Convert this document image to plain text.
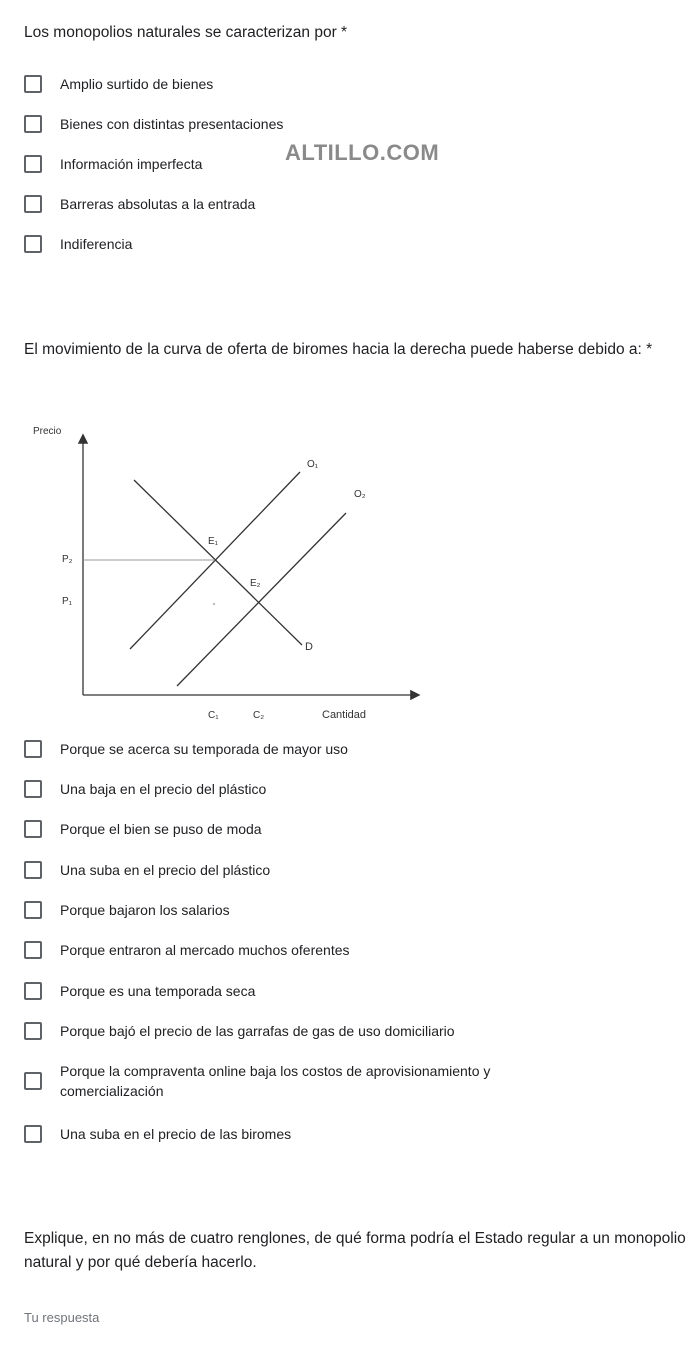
Los monopolios naturales se caracterizan por *
Amplio surtido de bienes
Bienes con distintas presentaciones
Información imperfecta
Barreras absolutas a la entrada
Indiferencia
ALTILLO.COM
El movimiento de la curva de oferta de biromes hacia la derecha puede haberse debido a: *
Precio
Cantidad
O₁
O₂
D
E₁
E₂
P₂
P₁
C₁	C₂
Porque se acerca su temporada de mayor uso
Una baja en el precio del plástico
Porque el bien se puso de moda
Una suba en el precio del plástico
Porque bajaron los salarios
Porque entraron al mercado muchos oferentes
Porque es una temporada seca
Porque bajó el precio de las garrafas de gas de uso domiciliario
Porque la compraventa online baja los costos de aprovisionamiento y comercialización
Una suba en el precio de las biromes
Explique, en no más de cuatro renglones, de qué forma podría el Estado regular a un monopolio natural y por qué debería hacerlo.
Tu respuesta
